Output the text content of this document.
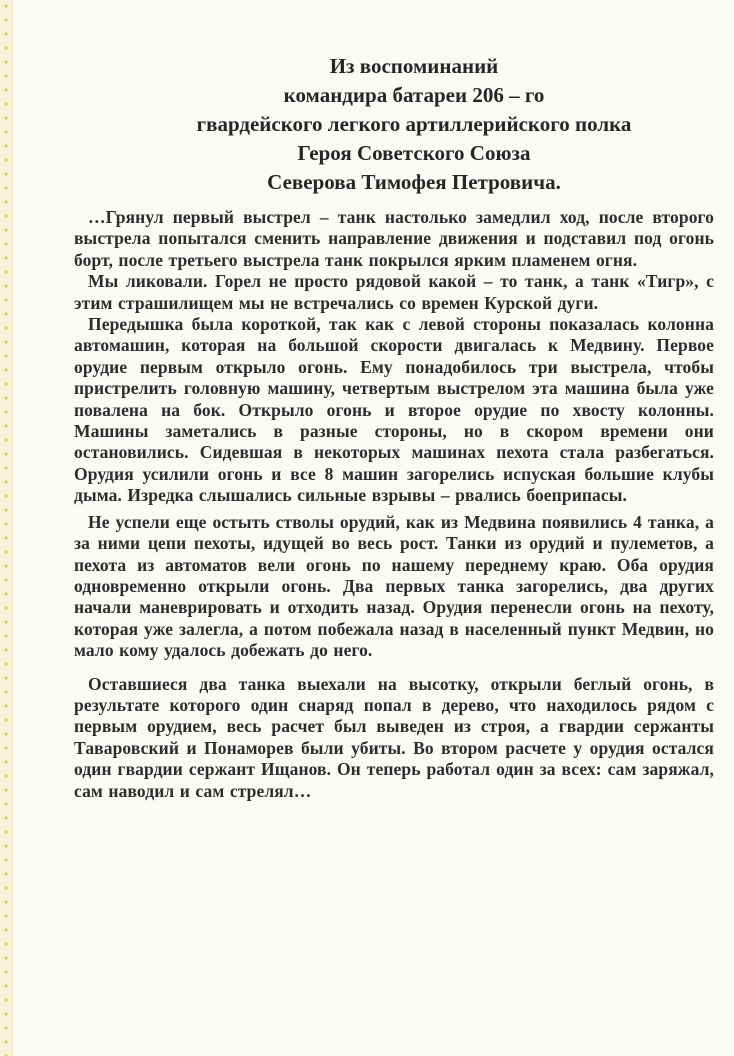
Из воспоминаний
командира батареи 206 – го
гвардейского легкого артиллерийского полка
Героя Советского Союза
Северова Тимофея Петровича.

…Грянул первый выстрел – танк настолько замедлил ход, после второго выстрела попытался сменить направление движения и подставил под огонь борт, после третьего выстрела танк покрылся ярким пламенем огня.

Мы ликовали. Горел не просто рядовой какой – то танк, а танк «Тигр», с этим страшилищем мы не встречались со времен Курской дуги.

Передышка была короткой, так как с левой стороны показалась колонна автомашин, которая на большой скорости двигалась к Медвину. Первое орудие первым открыло огонь. Ему понадобилось три выстрела, чтобы пристрелить головную машину, четвертым выстрелом эта машина была уже повалена на бок. Открыло огонь и второе орудие по хвосту колонны. Машины заметались в разные стороны, но в скором времени они остановились. Сидевшая в некоторых машинах пехота стала разбегаться. Орудия усилили огонь и все 8 машин загорелись испуская большие клубы дыма. Изредка слышались сильные взрывы – рвались боеприпасы.

Не успели еще остыть стволы орудий, как из Медвина появились 4 танка, а за ними цепи пехоты, идущей во весь рост. Танки из орудий и пулеметов, а пехота из автоматов вели огонь по нашему переднему краю. Оба орудия одновременно открыли огонь. Два первых танка загорелись, два других начали маневрировать и отходить назад. Орудия перенесли огонь на пехоту, которая уже залегла, а потом побежала назад в населенный пункт Медвин, но мало кому удалось добежать до него.

Оставшиеся два танка выехали на высотку, открыли беглый огонь, в результате которого один снаряд попал в дерево, что находилось рядом с первым орудием, весь расчет был выведен из строя, а гвардии сержанты Таваровский и Понаморев были убиты. Во втором расчете у орудия остался один гвардии сержант Ищанов. Он теперь работал один за всех: сам заряжал, сам наводил и сам стрелял…
